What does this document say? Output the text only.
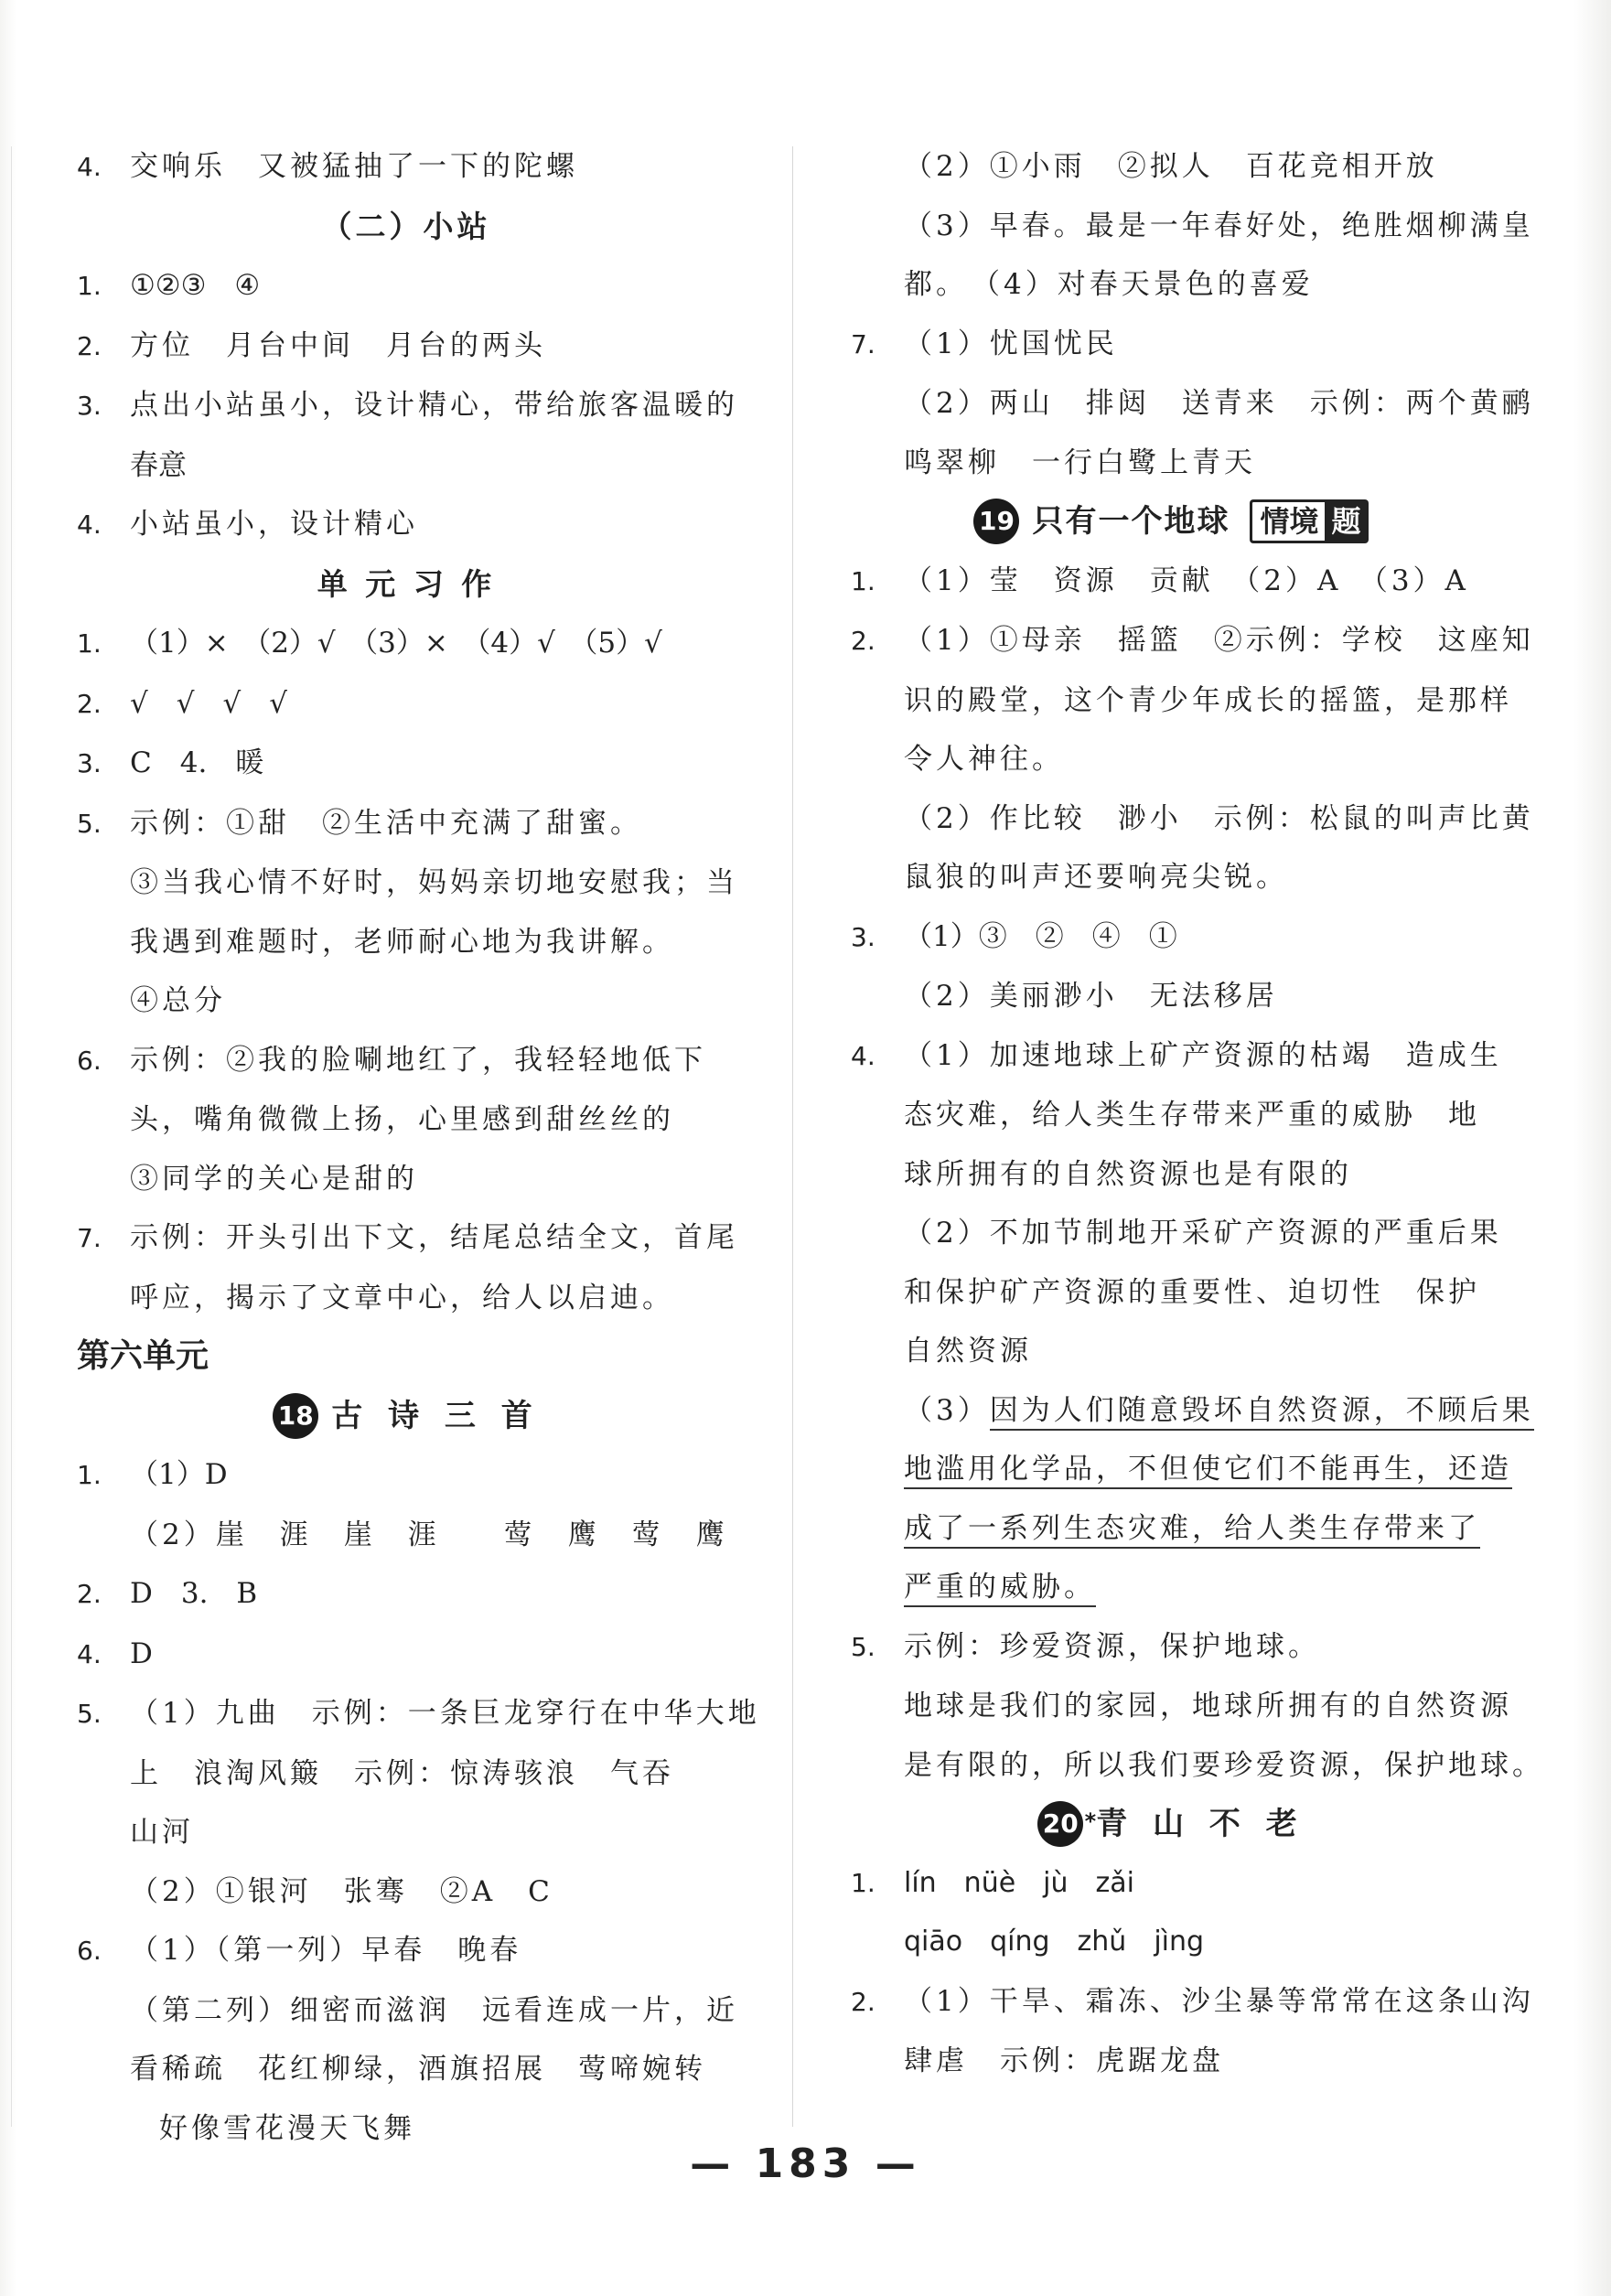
4.	交响乐　又被猛抽了一下的陀螺
（二）小站
1.	①②③　④
2.	方位　月台中间　月台的两头
3.	点出小站虽小，设计精心，带给旅客温暖的
春意
4.	小站虽小，设计精心
单 元 习 作
1.	（1）×　（2）√　（3）×　（4）√　（5）√
2.	√　√　√　√
3.	C　4.　暖
5.	示例：①甜　②生活中充满了甜蜜。
③当我心情不好时，妈妈亲切地安慰我；当
我遇到难题时，老师耐心地为我讲解。
④总分
6.	示例：②我的脸唰地红了，我轻轻地低下
头，嘴角微微上扬，心里感到甜丝丝的
③同学的关心是甜的
7.	示例：开头引出下文，结尾总结全文，首尾
呼应，揭示了文章中心，给人以启迪。
第六单元
18 古 诗 三 首
1.	（1）D
（2）崖　涯　崖　涯　　莺　鹰　莺　鹰
2.	D　3.　B
4.	D
5.	（1）九曲　示例：一条巨龙穿行在中华大地
上　浪淘风簸　示例：惊涛骇浪　气吞
山河
（2）①银河　张骞　②A　C
6.	（1）（第一列）早春　晚春
（第二列）细密而滋润　远看连成一片，近
看稀疏　花红柳绿，酒旗招展　莺啼婉转
好像雪花漫天飞舞
（2）①小雨　②拟人　百花竞相开放
（3）早春。最是一年春好处，绝胜烟柳满皇
都。　（4）对春天景色的喜爱
7.	（1）忧国忧民
（2）两山　排闼　送青来　示例：两个黄鹂
鸣翠柳　一行白鹭上青天
19 只有一个地球	情境 题
1.	（1）莹　资源　贡献　（2）A　（3）A
2.	（1）①母亲　摇篮　②示例：学校　这座知
识的殿堂，这个青少年成长的摇篮，是那样
令人神往。
（2）作比较　渺小　示例：松鼠的叫声比黄
鼠狼的叫声还要响亮尖锐。
3.	（1）③　②　④　①
（2）美丽渺小　无法移居
4.	（1）加速地球上矿产资源的枯竭　造成生
态灾难，给人类生存带来严重的威胁　地
球所拥有的自然资源也是有限的
（2）不加节制地开采矿产资源的严重后果
和保护矿产资源的重要性、迫切性　保护
自然资源
（3）因为人们随意毁坏自然资源，不顾后果
地滥用化学品，不但使它们不能再生，还造
成了一系列生态灾难，给人类生存带来了
严重的威胁。
5.	示例：珍爱资源，保护地球。
地球是我们的家园，地球所拥有的自然资源
是有限的，所以我们要珍爱资源，保护地球。
20 * 青 山 不 老
1.	lín　nüè　jù　zǎi
qiāo　qíng　zhǔ　jìng
2.	（1）干旱、霜冻、沙尘暴等常常在这条山沟
肆虐　示例：虎踞龙盘
— 183 —
